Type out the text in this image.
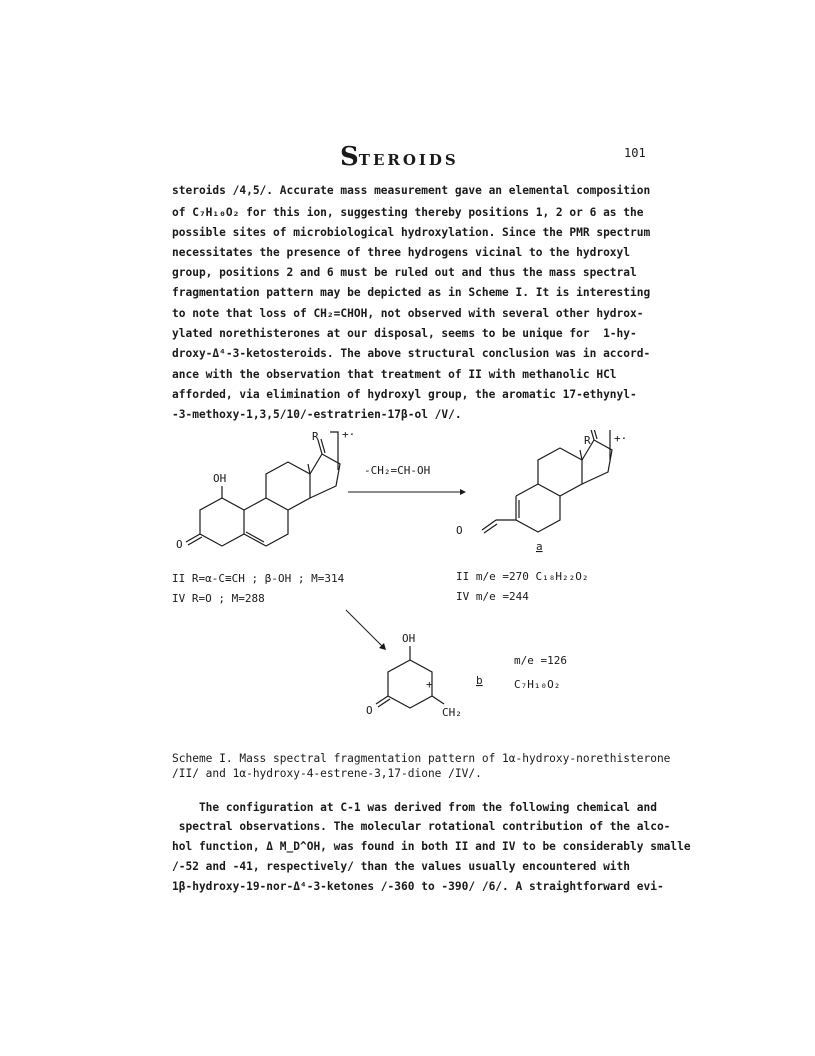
STEROIDS	101
steroids /4,5/. Accurate mass measurement gave an elemental composition
of C₇H₁₀O₂ for this ion, suggesting thereby positions 1, 2 or 6 as the
possible sites of microbiological hydroxylation. Since the PMR spectrum
necessitates the presence of three hydrogens vicinal to the hydroxyl
group, positions 2 and 6 must be ruled out and thus the mass spectral
fragmentation pattern may be depicted as in Scheme I. It is interesting
to note that loss of CH₂=CHOH, not observed with several other hydrox-
ylated norethisterones at our disposal, seems to be unique for  1-hy-
droxy-Δ⁴-3-ketosteroids. The above structural conclusion was in accord-
ance with the observation that treatment of II with methanolic HCl
afforded, via elimination of hydroxyl group, the aromatic 17-ethynyl-
-3-methoxy-1,3,5/10/-estratrien-17β-ol /V/.
R +·
OH
O
-CH₂=CH-OH
II R=α-C≡CH ; β-OH ; M=314
IV R=O ; M=288
R +·
O
a
II m/e =270 C₁₈H₂₂O₂
IV m/e =244
OH
O
+
CH₂
b
m/e =126
C₇H₁₀O₂
Scheme I. Mass spectral fragmentation pattern of 1α-hydroxy-norethisterone
/II/ and 1α-hydroxy-4-estrene-3,17-dione /IV/.
The configuration at C-1 was derived from the following chemical and
spectral observations. The molecular rotational contribution of the alco-
hol function, Δ M_D^OH, was found in both II and IV to be considerably smalle
/-52 and -41, respectively/ than the values usually encountered with
1β-hydroxy-19-nor-Δ⁴-3-ketones /-360 to -390/ /6/. A straightforward evi-
